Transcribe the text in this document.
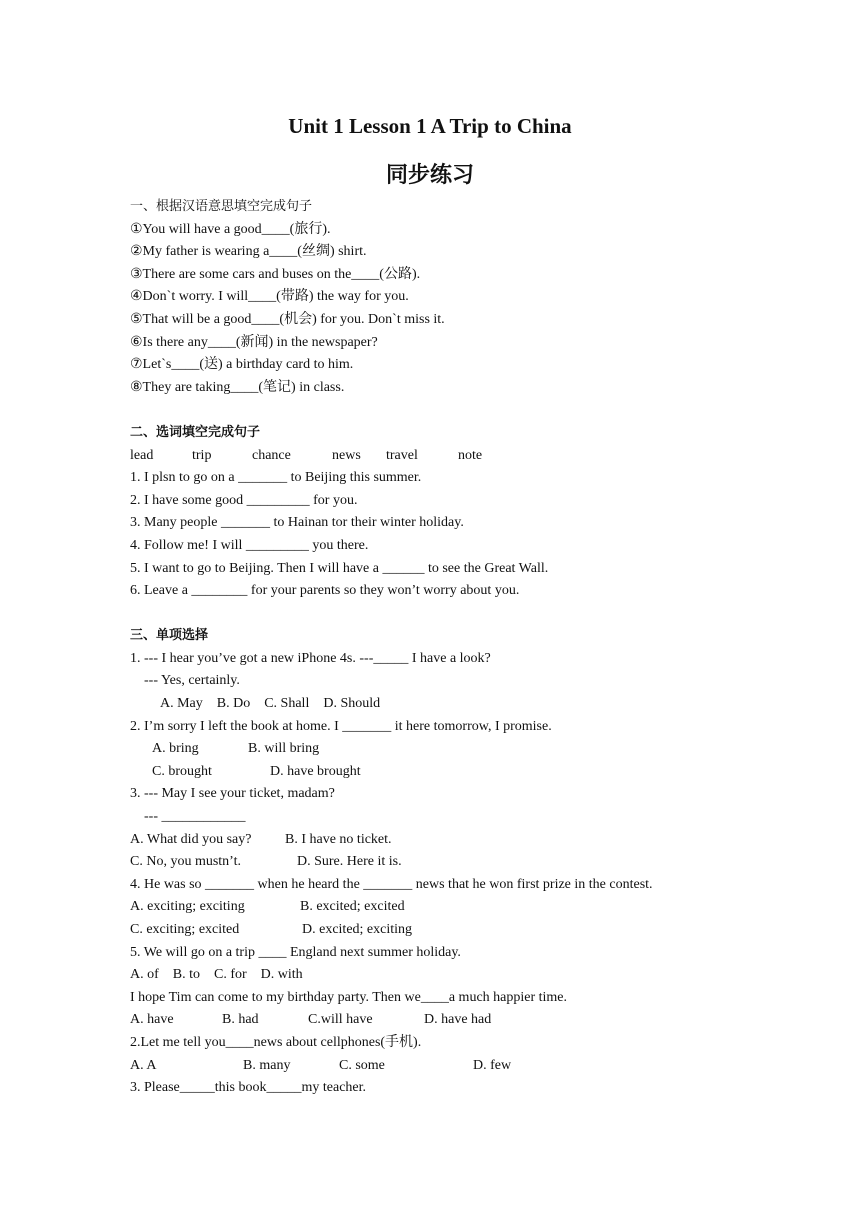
Unit 1 Lesson 1 A Trip to China
同步练习
一、根据汉语意思填空完成句子
①You will have a good____(旅行).
②My father is wearing a____(丝绸) shirt.
③There are some cars and buses on the____(公路).
④Don`t worry. I will____(带路) the way for you.
⑤That will be a good____(机会) for you. Don`t miss it.
⑥Is there any____(新闻) in the newspaper?
⑦Let`s____(送) a birthday card to him.
⑧They are taking____(笔记) in class.
二、选词填空完成句子
lead	trip	chance	news	travel	note
1. I plsn to go on a _______ to Beijing this summer.
2. I have some good _________ for you.
3. Many people _______ to Hainan tor their winter holiday.
4. Follow me! I will _________ you there.
5. I want to go to Beijing. Then I will have a ______ to see the Great Wall.
6. Leave a ________ for your parents so they won’t worry about you.
三、单项选择
1. --- I hear you’ve got a new iPhone 4s. ---_____ I have a look?
--- Yes, certainly.
A. May    B. Do    C. Shall    D. Should
2. I’m sorry I left the book at home. I _______ it here tomorrow, I promise.
A. bring	B. will bring
C. brought	D. have brought
3. --- May I see your ticket, madam?
--- ____________
A. What did you say?	B. I have no ticket.
C. No, you mustn’t.	D. Sure. Here it is.
4. He was so _______ when he heard the _______ news that he won first prize in the contest.
A. exciting; exciting	B. excited; excited
C. exciting; excited	D. excited; exciting
5. We will go on a trip ____ England next summer holiday.
A. of    B. to    C. for    D. with
I hope Tim can come to my birthday party. Then we____a much happier time.
A. have	B. had	C.will have	D. have had
2.Let me tell you____news about cellphones(手机).
A. A	B. many	C. some	D. few
3. Please_____this book_____my teacher.
